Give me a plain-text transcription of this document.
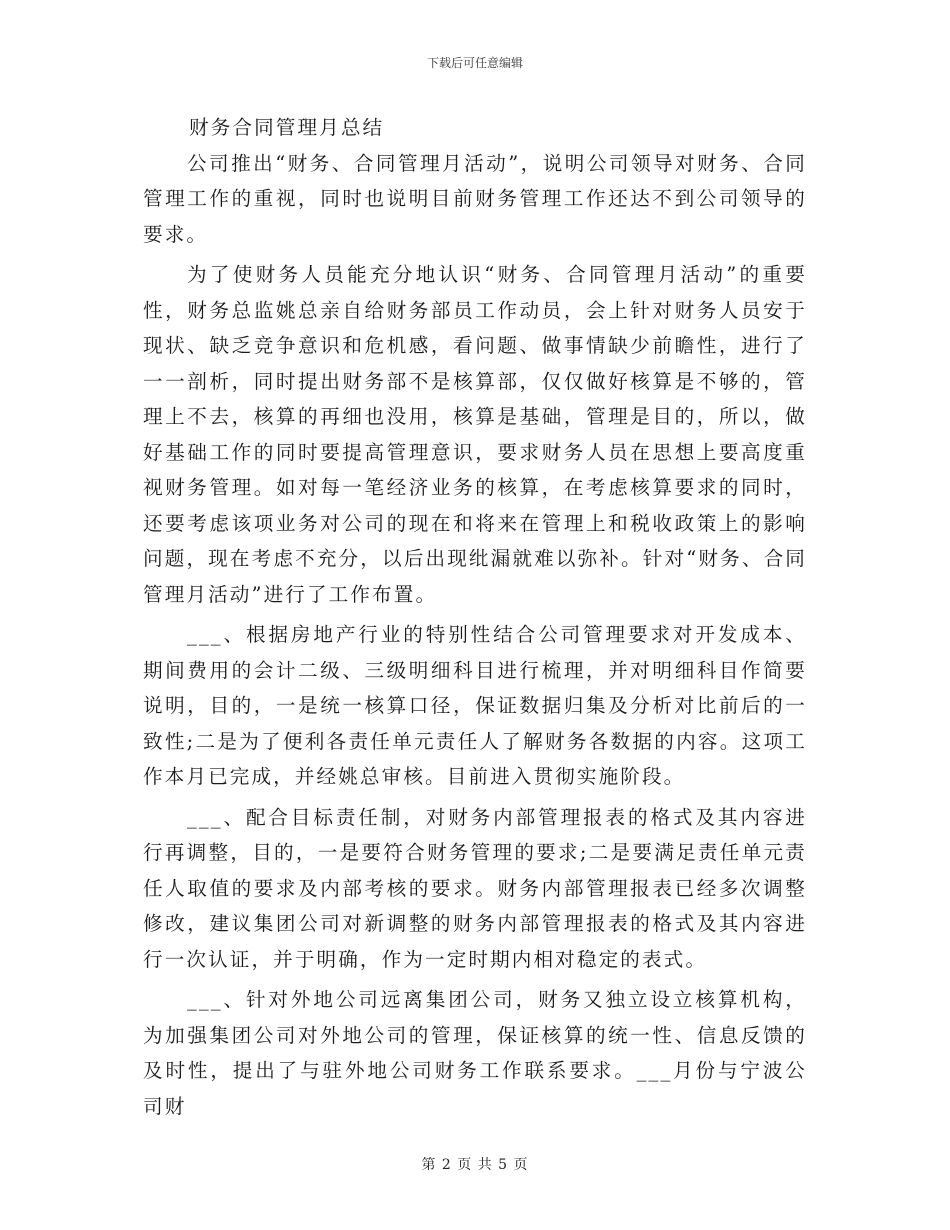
下载后可任意编辑
财务合同管理月总结

公司推出“财务、合同管理月活动”，说明公司领导对财务、合同管理工作的重视，同时也说明目前财务管理工作还达不到公司领导的要求。

为了使财务人员能充分地认识“财务、合同管理月活动”的重要性，财务总监姚总亲自给财务部员工作动员，会上针对财务人员安于现状、缺乏竞争意识和危机感，看问题、做事情缺少前瞻性，进行了一一剖析，同时提出财务部不是核算部，仅仅做好核算是不够的，管理上不去，核算的再细也没用，核算是基础，管理是目的，所以，做好基础工作的同时要提高管理意识，要求财务人员在思想上要高度重视财务管理。如对每一笔经济业务的核算，在考虑核算要求的同时，还要考虑该项业务对公司的现在和将来在管理上和税收政策上的影响问题，现在考虑不充分，以后出现纰漏就难以弥补。针对“财务、合同管理月活动”进行了工作布置。

___、根据房地产行业的特别性结合公司管理要求对开发成本、期间费用的会计二级、三级明细科目进行梳理，并对明细科目作简要说明，目的，一是统一核算口径，保证数据归集及分析对比前后的一致性;二是为了便利各责任单元责任人了解财务各数据的内容。这项工作本月已完成，并经姚总审核。目前进入贯彻实施阶段。

___、配合目标责任制，对财务内部管理报表的格式及其内容进行再调整，目的，一是要符合财务管理的要求;二是要满足责任单元责任人取值的要求及内部考核的要求。财务内部管理报表已经多次调整修改，建议集团公司对新调整的财务内部管理报表的格式及其内容进行一次认证，并于明确，作为一定时期内相对稳定的表式。

___、针对外地公司远离集团公司，财务又独立设立核算机构，为加强集团公司对外地公司的管理，保证核算的统一性、信息反馈的及时性，提出了与驻外地公司财务工作联系要求。___月份与宁波公司财

第 2 页 共 5 页
